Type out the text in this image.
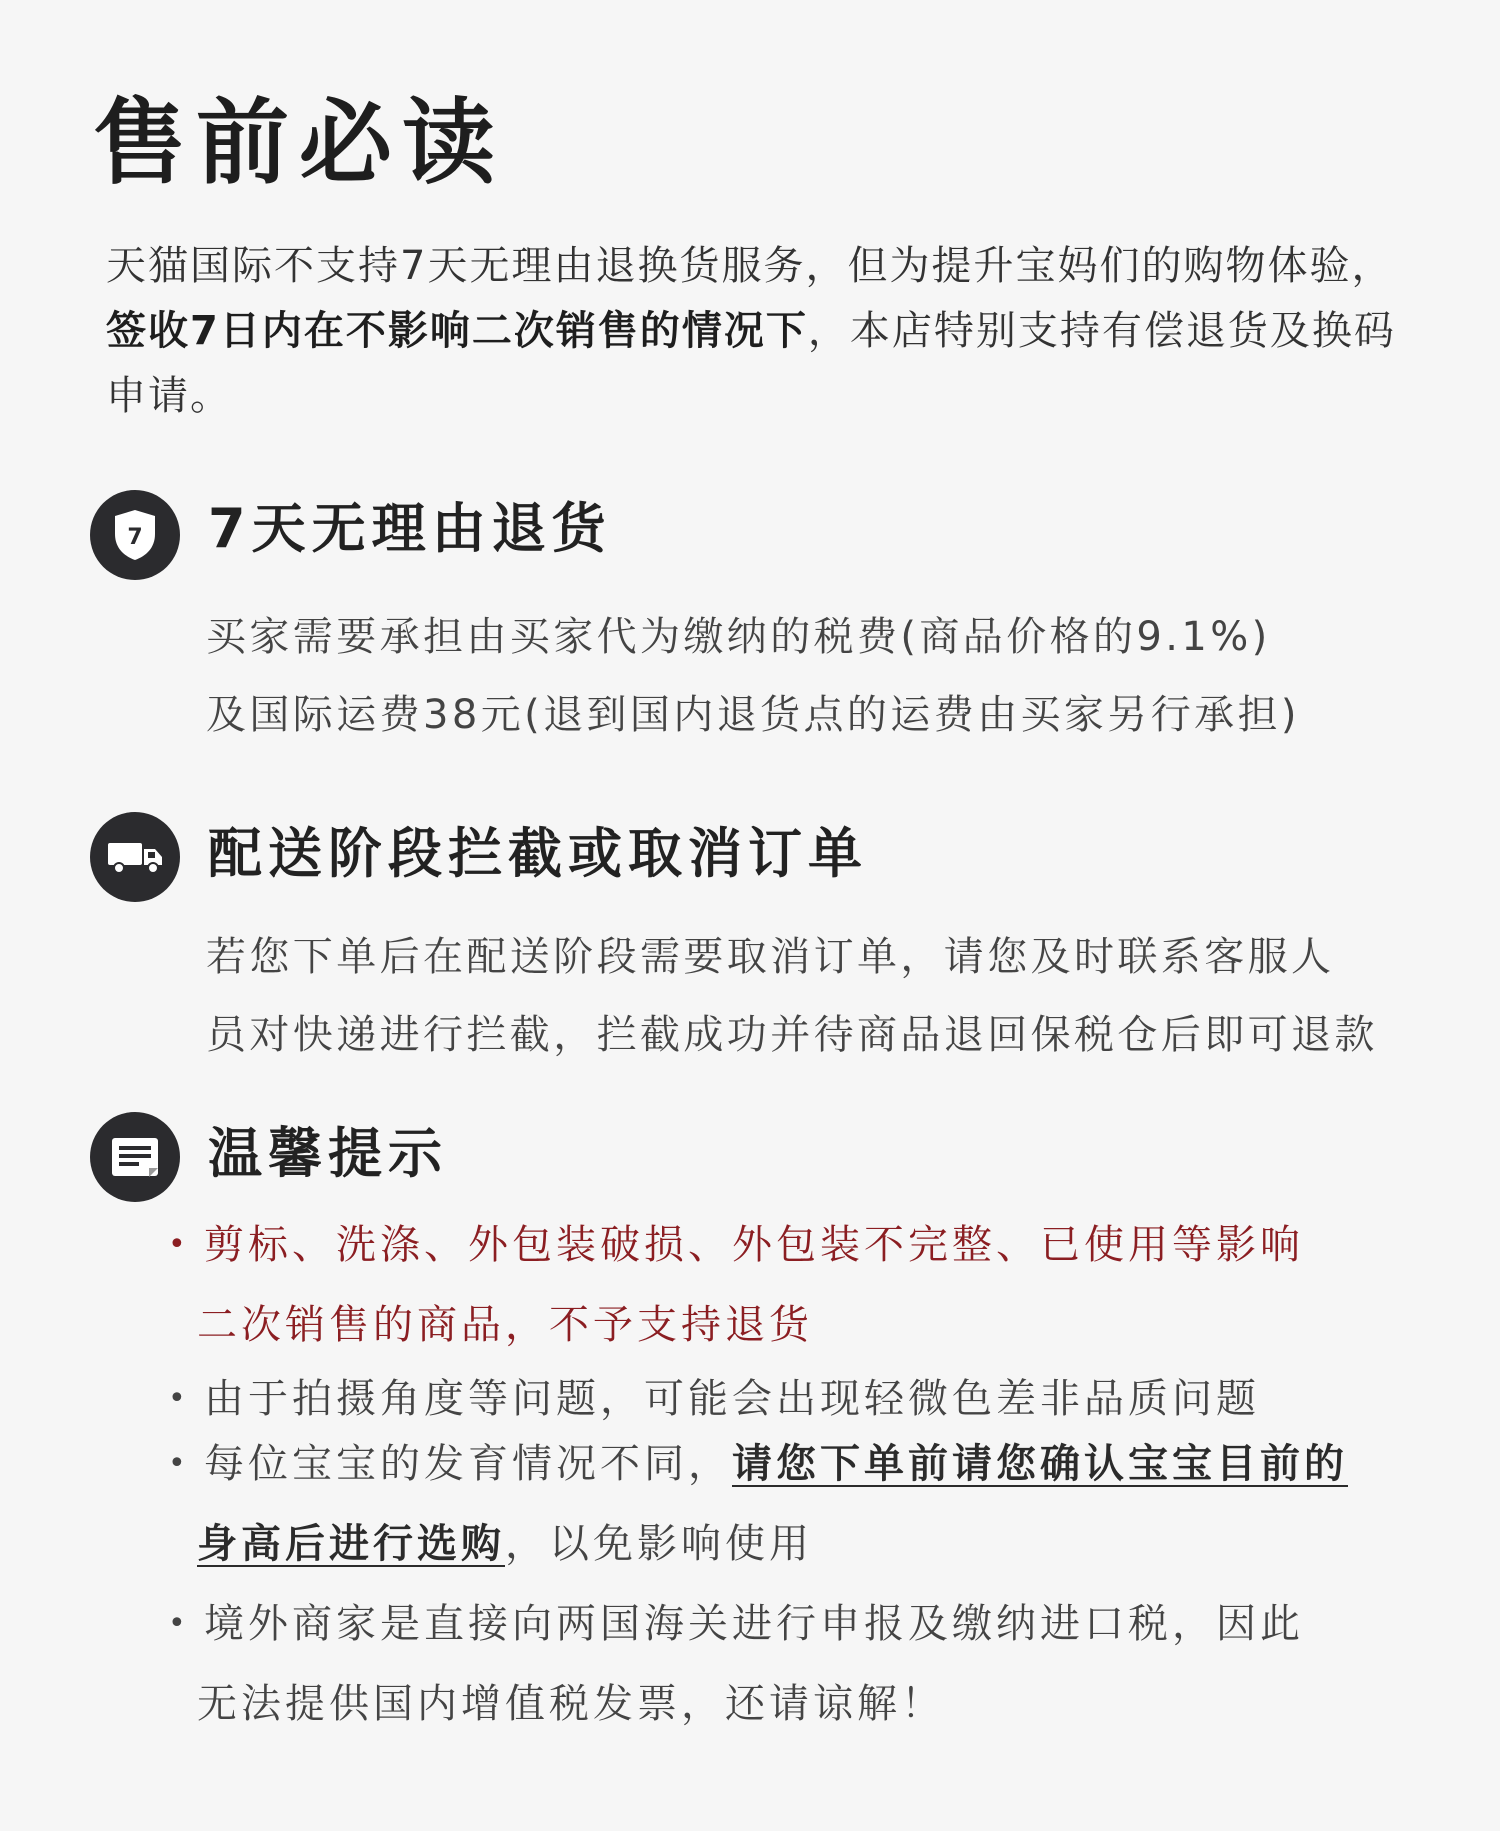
售前必读

天猫国际不支持7天无理由退换货服务，但为提升宝妈们的购物体验，签收7日内在不影响二次销售的情况下，本店特别支持有偿退货及换码申请。

7 7天无理由退货

买家需要承担由买家代为缴纳的税费(商品价格的9.1%)
及国际运费38元(退到国内退货点的运费由买家另行承担)

配送阶段拦截或取消订单

若您下单后在配送阶段需要取消订单，请您及时联系客服人
员对快递进行拦截，拦截成功并待商品退回保税仓后即可退款

温馨提示
• 剪标、洗涤、外包装破损、外包装不完整、已使用等影响
二次销售的商品，不予支持退货
• 由于拍摄角度等问题，可能会出现轻微色差非品质问题
• 每位宝宝的发育情况不同，请您下单前请您确认宝宝目前的
身高后进行选购，以免影响使用
• 境外商家是直接向两国海关进行申报及缴纳进口税，因此
无法提供国内增值税发票，还请谅解！
